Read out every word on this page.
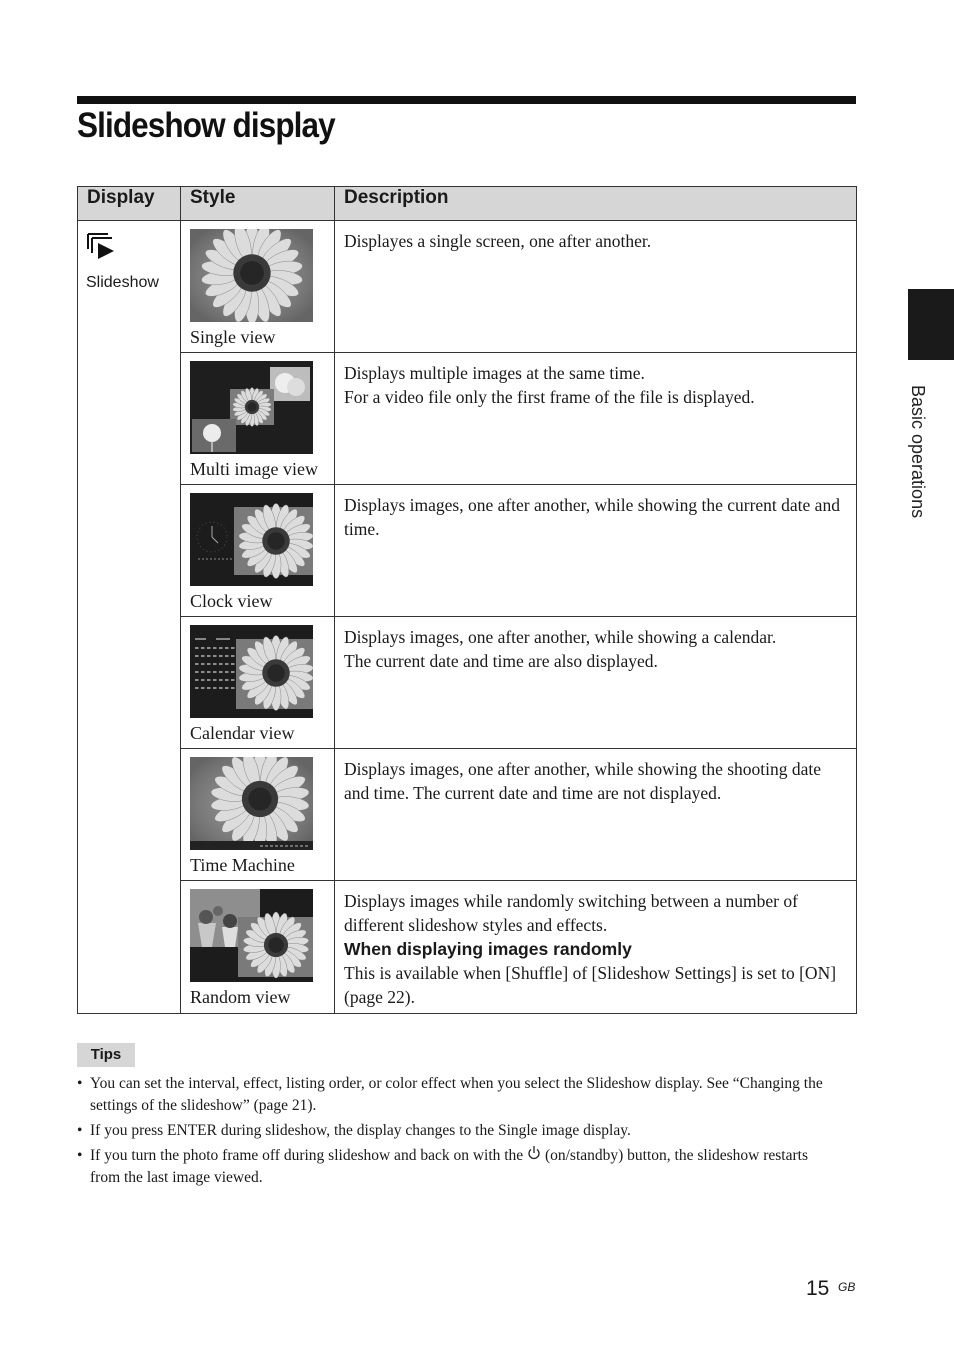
Slideshow display
Display	Style	Description

Slideshow	Single view	Displayes a single screen, one after another.

	Multi image view	Displays multiple images at the same time.
For a video file only the first frame of the file is displayed.

	Clock view	Displays images, one after another, while showing the current date and time.

	Calendar view	Displays images, one after another, while showing a calendar.
The current date and time are also displayed.

	Time Machine	Displays images, one after another, while showing the shooting date and time. The current date and time are not displayed.

	Random view	Displays images while randomly switching between a number of different slideshow styles and effects.
When displaying images randomly
This is available when [Shuffle] of [Slideshow Settings] is set to [ON] (page 22).
Basic operations
Tips
• You can set the interval, effect, listing order, or color effect when you select the Slideshow display. See “Changing the settings of the slideshow” (page 21).
• If you press ENTER during slideshow, the display changes to the Single image display.
• If you turn the photo frame off during slideshow and back on with the  (on/standby) button, the slideshow restarts from the last image viewed.
15 GB
